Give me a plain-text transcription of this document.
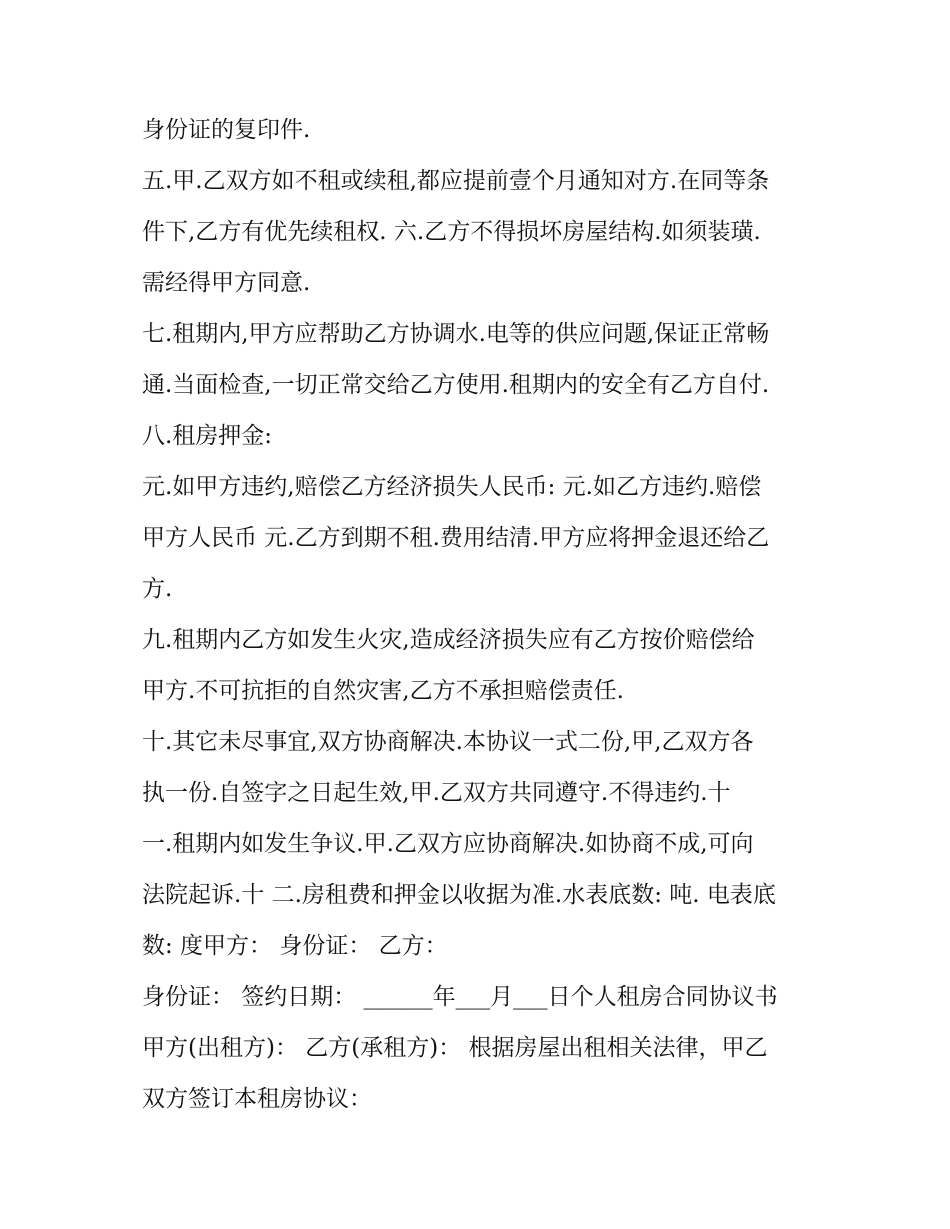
身份证的复印件.
五.甲.乙双方如不租或续租,都应提前壹个月通知对方.在同等条
件下,乙方有优先续租权. 六.乙方不得损坏房屋结构.如须装璜.
需经得甲方同意.
七.租期内,甲方应帮助乙方协调水.电等的供应问题,保证正常畅
通.当面检查,一切正常交给乙方使用.租期内的安全有乙方自付.
八.租房押金:
元.如甲方违约,赔偿乙方经济损失人民币: 元.如乙方违约.赔偿
甲方人民币 元.乙方到期不租.费用结清.甲方应将押金退还给乙
方.
九.租期内乙方如发生火灾,造成经济损失应有乙方按价赔偿给
甲方.不可抗拒的自然灾害,乙方不承担赔偿责任.
十.其它未尽事宜,双方协商解决.本协议一式二份,甲,乙双方各
执一份.自签字之日起生效,甲.乙双方共同遵守.不得违约.十
一.租期内如发生争议.甲.乙双方应协商解决.如协商不成,可向
法院起诉.十 二.房租费和押金以收据为准.水表底数: 吨. 电表底
数: 度甲方： 身份证： 乙方：
身份证： 签约日期： ______年___月___日个人租房合同协议书
甲方(出租方)： 乙方(承租方)： 根据房屋出租相关法律，甲乙
双方签订本租房协议：
